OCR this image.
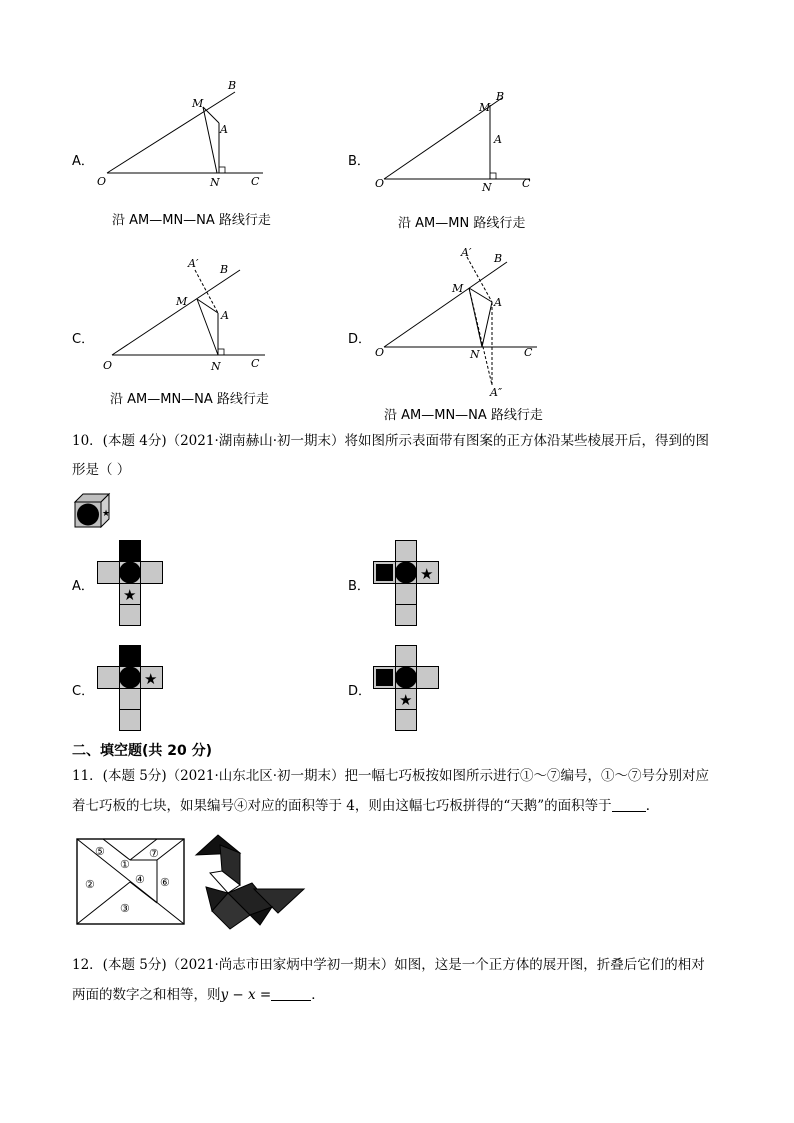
A．
O	N	C
M
A
B
沿 AM—MN—NA 路线行走
B．
O	N	C
M
A
B
沿 AM—MN 路线行走
C．
O	N	C
M
A
A′ B
沿 AM—MN—NA 路线行走
D．
O	N	C
M
A
A′
A″
B
沿 AM—MN—NA 路线行走
10．(本题 4分)（2021·湖南赫山·初一期末）将如图所示表面带有图案的正方体沿某些棱展开后，得到的图
形是（ ）
★
A． ★	B．
★
C．
★
D． ★
二、填空题(共 20 分)
11．(本题 5分)（2021·山东北区·初一期末）把一幅七巧板按如图所示进行①～⑦编号，①～⑦号分别对应
着七巧板的七块，如果编号④对应的面积等于 4，则由这幅七巧板拼得的“天鹅”的面积等于	．
⑤
①
⑦
②	④ ⑥
③
12．(本题 5分)（2021·尚志市田家炳中学初一期末）如图，这是一个正方体的展开图，折叠后它们的相对
两面的数字之和相等，则y − x =	．
